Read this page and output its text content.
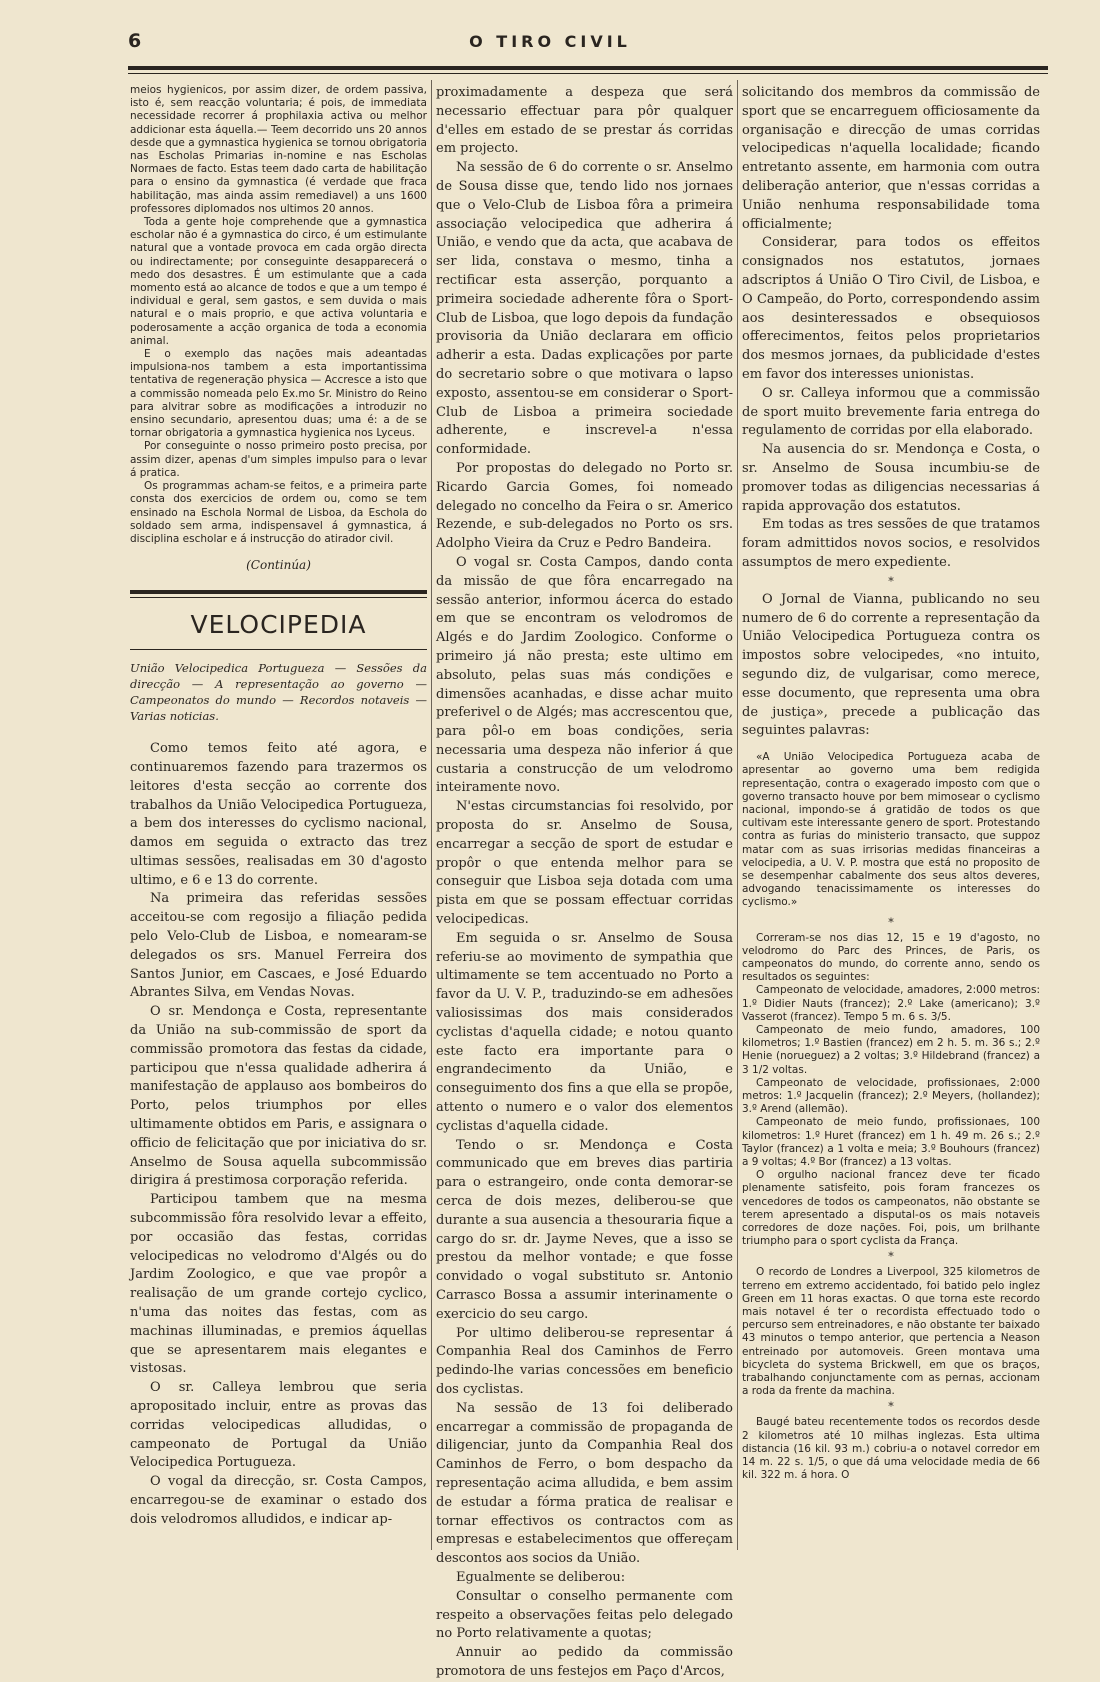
6	O TIRO CIVIL

meios hygienicos, por assim dizer, de ordem passiva, isto é, sem reacção voluntaria; é pois, de immediata necessidade recorrer á prophilaxia activa ou melhor addicionar esta áquella.— Teem decorrido uns 20 annos desde que a gymnastica hygienica se tornou obrigatoria nas Escholas Primarias in-nomine e nas Escholas Normaes de facto. Estas teem dado carta de habilitação para o ensino da gymnastica (é verdade que fraca habilitação, mas ainda assim remediavel) a uns 1600 professores diplomados nos ultimos 20 annos.

Toda a gente hoje comprehende que a gymnastica escholar não é a gymnastica do circo, é um estimulante natural que a vontade provoca em cada orgão directa ou indirectamente; por conseguinte desapparecerá o medo dos desastres. É um estimulante que a cada momento está ao alcance de todos e que a um tempo é individual e geral, sem gastos, e sem duvida o mais natural e o mais proprio, e que activa voluntaria e poderosamente a acção organica de toda a economia animal.

E o exemplo das nações mais adeantadas impulsiona-nos tambem a esta importantissima tentativa de regeneração physica — Accresce a isto que a commissão nomeada pelo Ex.mo Sr. Ministro do Reino para alvitrar sobre as modificações a introduzir no ensino secundario, apresentou duas; uma é: a de se tornar obrigatoria a gymnastica hygienica nos Lyceus.

Por conseguinte o nosso primeiro posto precisa, por assim dizer, apenas d'um simples impulso para o levar á pratica.

Os programmas acham-se feitos, e a primeira parte consta dos exercicios de ordem ou, como se tem ensinado na Eschola Normal de Lisboa, da Eschola do soldado sem arma, indispensavel á gymnastica, á disciplina escholar e á instrucção do atirador civil.

(Continúa)
VELOCIPEDIA

União Velocipedica Portugueza — Sessões da direcção — A representação ao governo — Campeonatos do mundo — Recordos notaveis — Varias noticias.

Como temos feito até agora, e continuaremos fazendo para trazermos os leitores d'esta secção ao corrente dos trabalhos da União Velocipedica Portugueza, a bem dos interesses do cyclismo nacional, damos em seguida o extracto das trez ultimas sessões, realisadas em 30 d'agosto ultimo, e 6 e 13 do corrente.

Na primeira das referidas sessões acceitou-se com regosijo a filiação pedida pelo Velo-Club de Lisboa, e nomearam-se delegados os srs. Manuel Ferreira dos Santos Junior, em Cascaes, e José Eduardo Abrantes Silva, em Vendas Novas.

O sr. Mendonça e Costa, representante da União na sub-commissão de sport da commissão promotora das festas da cidade, participou que n'essa qualidade adherira á manifestação de applauso aos bombeiros do Porto, pelos triumphos por elles ultimamente obtidos em Paris, e assignara o officio de felicitação que por iniciativa do sr. Anselmo de Sousa aquella subcommissão dirigira á prestimosa corporação referida.

Participou tambem que na mesma subcommissão fôra resolvido levar a effeito, por occasião das festas, corridas velocipedicas no velodromo d'Algés ou do Jardim Zoologico, e que vae propôr a realisação de um grande cortejo cyclico, n'uma das noites das festas, com as machinas illuminadas, e premios áquellas que se apresentarem mais elegantes e vistosas.

O sr. Calleya lembrou que seria apropositado incluir, entre as provas das corridas velocipedicas alludidas, o campeonato de Portugal da União Velocipedica Portugueza.

O vogal da direcção, sr. Costa Campos, encarregou-se de examinar o estado dos dois velodromos alludidos, e indicar ap-

proximadamente a despeza que será necessario effectuar para pôr qualquer d'elles em estado de se prestar ás corridas em projecto.

Na sessão de 6 do corrente o sr. Anselmo de Sousa disse que, tendo lido nos jornaes que o Velo-Club de Lisboa fôra a primeira associação velocipedica que adherira á União, e vendo que da acta, que acabava de ser lida, constava o mesmo, tinha a rectificar esta asserção, porquanto a primeira sociedade adherente fôra o Sport-Club de Lisboa, que logo depois da fundação provisoria da União declarara em officio adherir a esta. Dadas explicações por parte do secretario sobre o que motivara o lapso exposto, assentou-se em considerar o Sport-Club de Lisboa a primeira sociedade adherente, e inscrevel-a n'essa conformidade.

Por propostas do delegado no Porto sr. Ricardo Garcia Gomes, foi nomeado delegado no concelho da Feira o sr. Americo Rezende, e sub-delegados no Porto os srs. Adolpho Vieira da Cruz e Pedro Bandeira.

O vogal sr. Costa Campos, dando conta da missão de que fôra encarregado na sessão anterior, informou ácerca do estado em que se encontram os velodromos de Algés e do Jardim Zoologico. Conforme o primeiro já não presta; este ultimo em absoluto, pelas suas más condições e dimensões acanhadas, e disse achar muito preferivel o de Algés; mas accrescentou que, para pôl-o em boas condições, seria necessaria uma despeza não inferior á que custaria a construcção de um velodromo inteiramente novo.

N'estas circumstancias foi resolvido, por proposta do sr. Anselmo de Sousa, encarregar a secção de sport de estudar e propôr o que entenda melhor para se conseguir que Lisboa seja dotada com uma pista em que se possam effectuar corridas velocipedicas.

Em seguida o sr. Anselmo de Sousa referiu-se ao movimento de sympathia que ultimamente se tem accentuado no Porto a favor da U. V. P., traduzindo-se em adhesões valiosissimas dos mais considerados cyclistas d'aquella cidade; e notou quanto este facto era importante para o engrandecimento da União, e conseguimento dos fins a que ella se propõe, attento o numero e o valor dos elementos cyclistas d'aquella cidade.

Tendo o sr. Mendonça e Costa communicado que em breves dias partiria para o estrangeiro, onde conta demorar-se cerca de dois mezes, deliberou-se que durante a sua ausencia a thesouraria fique a cargo do sr. dr. Jayme Neves, que a isso se prestou da melhor vontade; e que fosse convidado o vogal substituto sr. Antonio Carrasco Bossa a assumir interinamente o exercicio do seu cargo.

Por ultimo deliberou-se representar á Companhia Real dos Caminhos de Ferro pedindo-lhe varias concessões em beneficio dos cyclistas.

Na sessão de 13 foi deliberado encarregar a commissão de propaganda de diligenciar, junto da Companhia Real dos Caminhos de Ferro, o bom despacho da representação acima alludida, e bem assim de estudar a fórma pratica de realisar e tornar effectivos os contractos com as empresas e estabelecimentos que offereçam descontos aos socios da União.

Egualmente se deliberou:

Consultar o conselho permanente com respeito a observações feitas pelo delegado no Porto relativamente a quotas;

Annuir ao pedido da commissão promotora de uns festejos em Paço d'Arcos,

solicitando dos membros da commissão de sport que se encarreguem officiosamente da organisação e direcção de umas corridas velocipedicas n'aquella localidade; ficando entretanto assente, em harmonia com outra deliberação anterior, que n'essas corridas a União nenhuma responsabilidade toma officialmente;

Considerar, para todos os effeitos consignados nos estatutos, jornaes adscriptos á União O Tiro Civil, de Lisboa, e O Campeão, do Porto, correspondendo assim aos desinteressados e obsequiosos offerecimentos, feitos pelos proprietarios dos mesmos jornaes, da publicidade d'estes em favor dos interesses unionistas.

O sr. Calleya informou que a commissão de sport muito brevemente faria entrega do regulamento de corridas por ella elaborado.

Na ausencia do sr. Mendonça e Costa, o sr. Anselmo de Sousa incumbiu-se de promover todas as diligencias necessarias á rapida approvação dos estatutos.

Em todas as tres sessões de que tratamos foram admittidos novos socios, e resolvidos assumptos de mero expediente.

*

O Jornal de Vianna, publicando no seu numero de 6 do corrente a representação da União Velocipedica Portugueza contra os impostos sobre velocipedes, «no intuito, segundo diz, de vulgarisar, como merece, esse documento, que representa uma obra de justiça», precede a publicação das seguintes palavras:

«A União Velocipedica Portugueza acaba de apresentar ao governo uma bem redigida representação, contra o exagerado imposto com que o governo transacto houve por bem mimosear o cyclismo nacional, impondo-se á gratidão de todos os que cultivam este interessante genero de sport. Protestando contra as furias do ministerio transacto, que suppoz matar com as suas irrisorias medidas financeiras a velocipedia, a U. V. P. mostra que está no proposito de se desempenhar cabalmente dos seus altos deveres, advogando tenacissimamente os interesses do cyclismo.»

*

Correram-se nos dias 12, 15 e 19 d'agosto, no velodromo do Parc des Princes, de Paris, os campeonatos do mundo, do corrente anno, sendo os resultados os seguintes:

Campeonato de velocidade, amadores, 2:000 metros: 1.º Didier Nauts (francez); 2.º Lake (americano); 3.º Vasserot (francez). Tempo 5 m. 6 s. 3/5.

Campeonato de meio fundo, amadores, 100 kilometros; 1.º Bastien (francez) em 2 h. 5. m. 36 s.; 2.º Henie (norueguez) a 2 voltas; 3.º Hildebrand (francez) a 3 1/2 voltas.

Campeonato de velocidade, profissionaes, 2:000 metros: 1.º Jacquelin (francez); 2.º Meyers, (hollandez); 3.º Arend (allemão).

Campeonato de meio fundo, profissionaes, 100 kilometros: 1.º Huret (francez) em 1 h. 49 m. 26 s.; 2.º Taylor (francez) a 1 volta e meia; 3.º Bouhours (francez) a 9 voltas; 4.º Bor (francez) a 13 voltas.

O orgulho nacional francez deve ter ficado plenamente satisfeito, pois foram francezes os vencedores de todos os campeonatos, não obstante se terem apresentado a disputal-os os mais notaveis corredores de doze nações. Foi, pois, um brilhante triumpho para o sport cyclista da França.

*

O recordo de Londres a Liverpool, 325 kilometros de terreno em extremo accidentado, foi batido pelo inglez Green em 11 horas exactas. O que torna este recordo mais notavel é ter o recordista effectuado todo o percurso sem entreinadores, e não obstante ter baixado 43 minutos o tempo anterior, que pertencia a Neason entreinado por automoveis. Green montava uma bicycleta do systema Brickwell, em que os braços, trabalhando conjunctamente com as pernas, accionam a roda da frente da machina.

*

Baugé bateu recentemente todos os recordos desde 2 kilometros até 10 milhas inglezas. Esta ultima distancia (16 kil. 93 m.) cobriu-a o notavel corredor em 14 m. 22 s. 1/5, o que dá uma velocidade media de 66 kil. 322 m. á hora. O
